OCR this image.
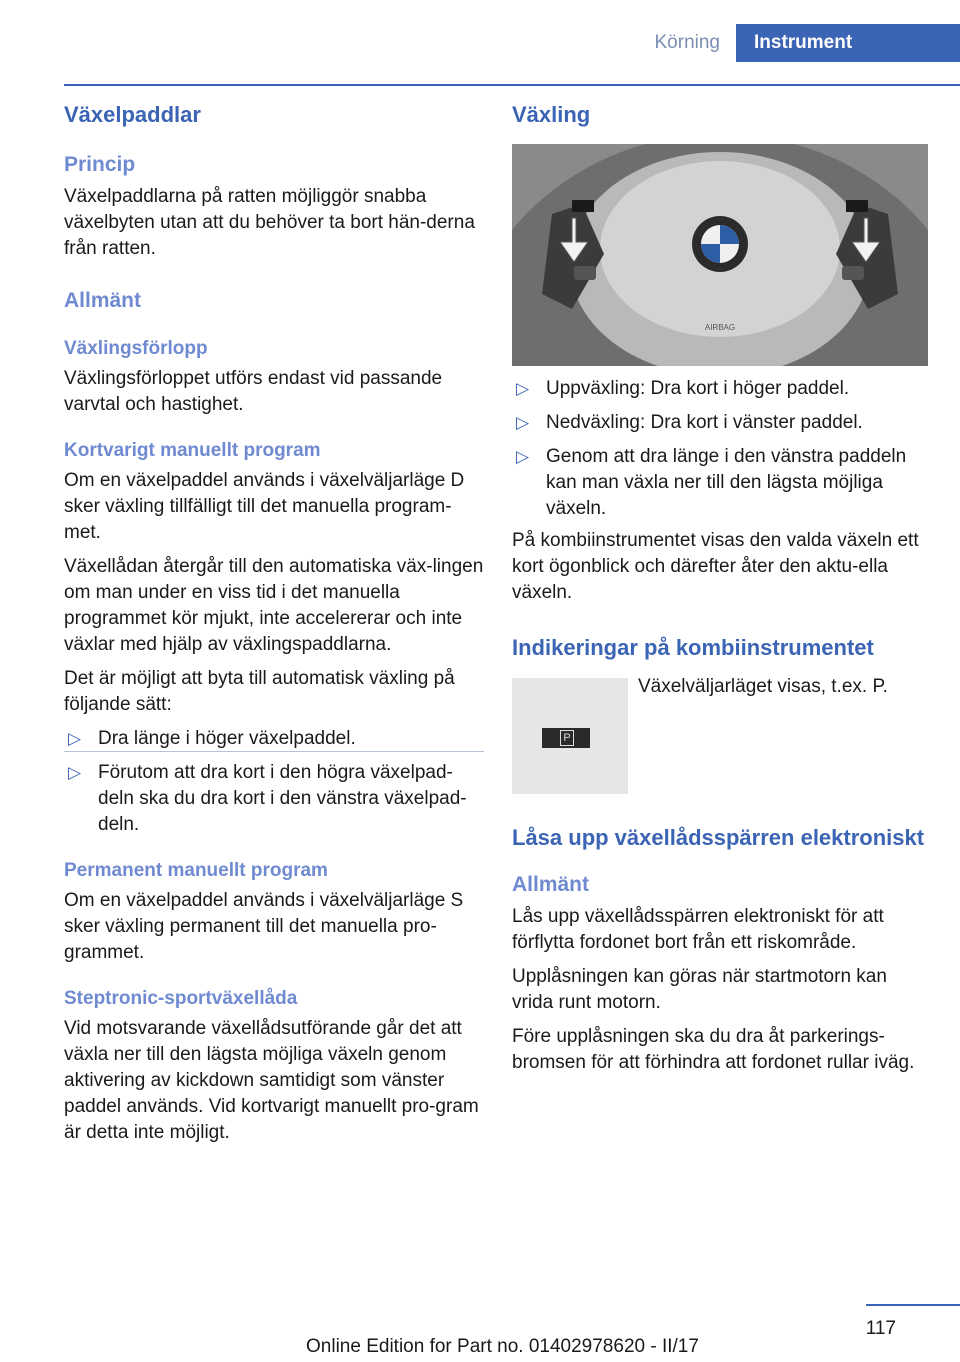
Körning	Instrument
Växelpaddlar
Princip

Växelpaddlarna på ratten möjliggör snabba växelbyten utan att du behöver ta bort hän-derna från ratten.

Allmänt
Växlingsförlopp

Växlingsförloppet utförs endast vid passande varvtal och hastighet.

Kortvarigt manuellt program

Om en växelpaddel används i växelväljarläge D sker växling tillfälligt till det manuella program-met.

Växellådan återgår till den automatiska väx-lingen om man under en viss tid i det manuella programmet kör mjukt, inte accelererar och inte växlar med hjälp av växlingspaddlarna.

Det är möjligt att byta till automatisk växling på följande sätt:

▷ Dra länge i höger växelpaddel.
▷ Förutom att dra kort i den högra växelpad-deln ska du dra kort i den vänstra växelpad-deln.
Permanent manuellt program

Om en växelpaddel används i växelväljarläge S sker växling permanent till det manuella pro-grammet.

Steptronic-sportväxellåda

Vid motsvarande växellådsutförande går det att växla ner till den lägsta möjliga växeln genom aktivering av kickdown samtidigt som vänster paddel används. Vid kortvarigt manuellt pro-gram är detta inte möjligt.

Växling
AIRBAG
▷ Uppväxling: Dra kort i höger paddel.
▷ Nedväxling: Dra kort i vänster paddel.
▷ Genom att dra länge i den vänstra paddeln kan man växla ner till den lägsta möjliga växeln.

På kombiinstrumentet visas den valda växeln ett kort ögonblick och därefter åter den aktu-ella växeln.

Indikeringar på kombiinstrumentet
P
Växelväljarläget visas, t.ex. P.
Låsa upp växellådsspärren elektroniskt
Allmänt

Lås upp växellådsspärren elektroniskt för att förflytta fordonet bort från ett riskområde.

Upplåsningen kan göras när startmotorn kan vrida runt motorn.

Före upplåsningen ska du dra åt parkerings-bromsen för att förhindra att fordonet rullar iväg.

117
Online Edition for Part no. 01402978620 - II/17
